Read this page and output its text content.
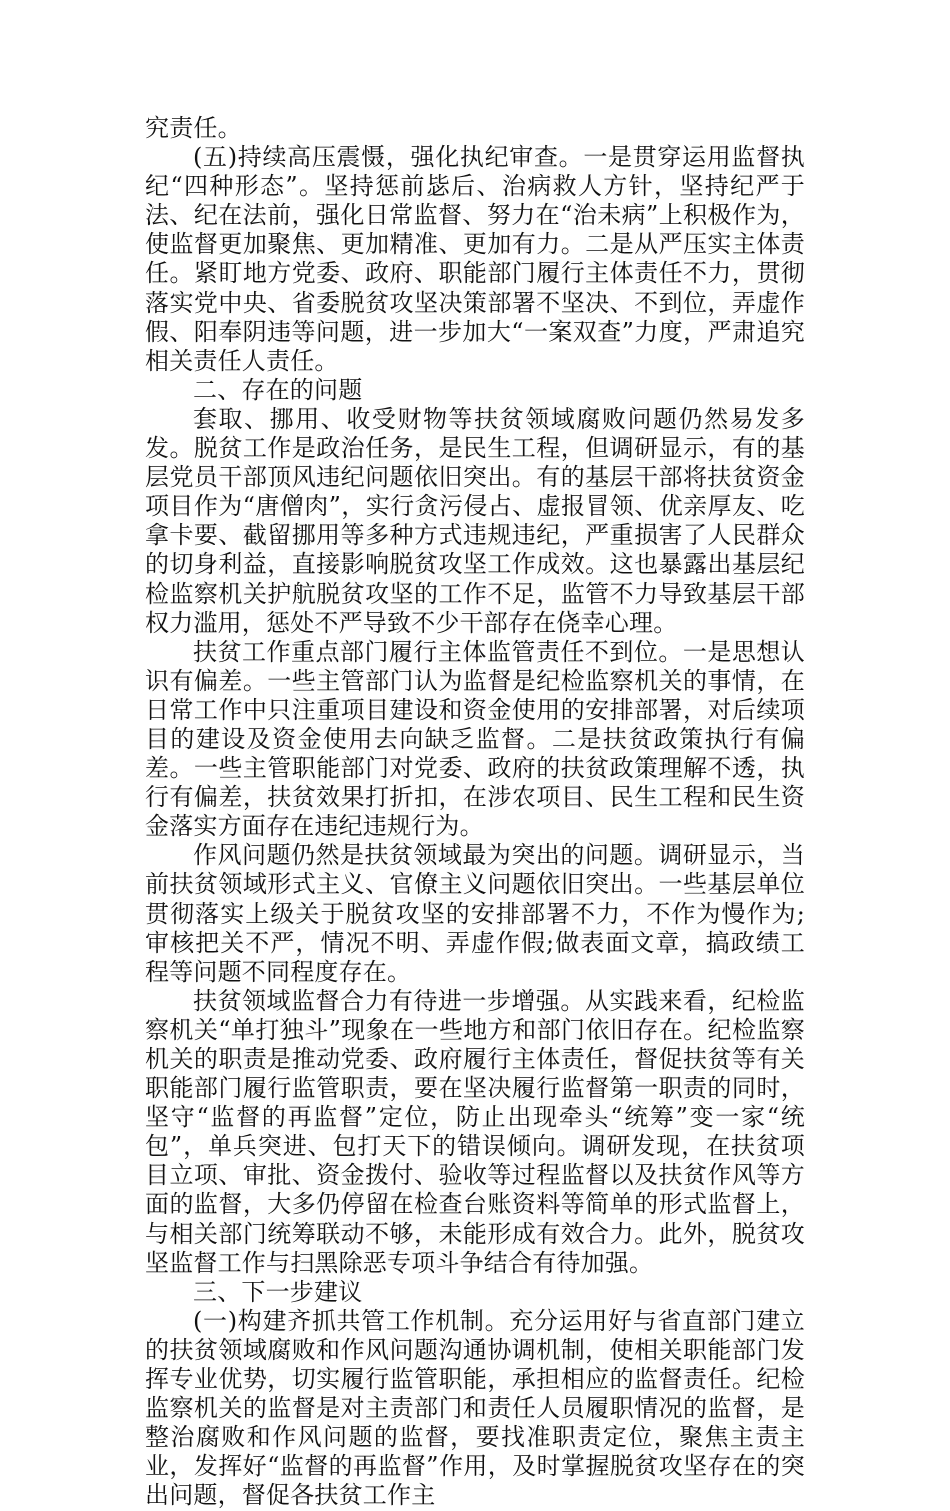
究责任。

(五)持续高压震慑，强化执纪审查。一是贯穿运用监督执纪“四种形态”。坚持惩前毖后、治病救人方针，坚持纪严于法、纪在法前，强化日常监督、努力在“治未病”上积极作为，使监督更加聚焦、更加精准、更加有力。二是从严压实主体责任。紧盯地方党委、政府、职能部门履行主体责任不力，贯彻落实党中央、省委脱贫攻坚决策部署不坚决、不到位，弄虚作假、阳奉阴违等问题，进一步加大“一案双查”力度，严肃追究相关责任人责任。

二、存在的问题

套取、挪用、收受财物等扶贫领域腐败问题仍然易发多发。脱贫工作是政治任务，是民生工程，但调研显示，有的基层党员干部顶风违纪问题依旧突出。有的基层干部将扶贫资金项目作为“唐僧肉”，实行贪污侵占、虚报冒领、优亲厚友、吃拿卡要、截留挪用等多种方式违规违纪，严重损害了人民群众的切身利益，直接影响脱贫攻坚工作成效。这也暴露出基层纪检监察机关护航脱贫攻坚的工作不足，监管不力导致基层干部权力滥用，惩处不严导致不少干部存在侥幸心理。

扶贫工作重点部门履行主体监管责任不到位。一是思想认识有偏差。一些主管部门认为监督是纪检监察机关的事情，在日常工作中只注重项目建设和资金使用的安排部署，对后续项目的建设及资金使用去向缺乏监督。二是扶贫政策执行有偏差。一些主管职能部门对党委、政府的扶贫政策理解不透，执行有偏差，扶贫效果打折扣，在涉农项目、民生工程和民生资金落实方面存在违纪违规行为。

作风问题仍然是扶贫领域最为突出的问题。调研显示，当前扶贫领域形式主义、官僚主义问题依旧突出。一些基层单位贯彻落实上级关于脱贫攻坚的安排部署不力，不作为慢作为;审核把关不严，情况不明、弄虚作假;做表面文章，搞政绩工程等问题不同程度存在。

扶贫领域监督合力有待进一步增强。从实践来看，纪检监察机关“单打独斗”现象在一些地方和部门依旧存在。纪检监察机关的职责是推动党委、政府履行主体责任，督促扶贫等有关职能部门履行监管职责，要在坚决履行监督第一职责的同时，坚守“监督的再监督”定位，防止出现牵头“统筹”变一家“统包”，单兵突进、包打天下的错误倾向。调研发现，在扶贫项目立项、审批、资金拨付、验收等过程监督以及扶贫作风等方面的监督，大多仍停留在检查台账资料等简单的形式监督上，与相关部门统筹联动不够，未能形成有效合力。此外，脱贫攻坚监督工作与扫黑除恶专项斗争结合有待加强。

三、下一步建议

(一)构建齐抓共管工作机制。充分运用好与省直部门建立的扶贫领域腐败和作风问题沟通协调机制，使相关职能部门发挥专业优势，切实履行监管职能，承担相应的监督责任。纪检监察机关的监督是对主责部门和责任人员履职情况的监督，是整治腐败和作风问题的监督，要找准职责定位，聚焦主责主业，发挥好“监督的再监督”作用，及时掌握脱贫攻坚存在的突出问题，督促各扶贫工作主
